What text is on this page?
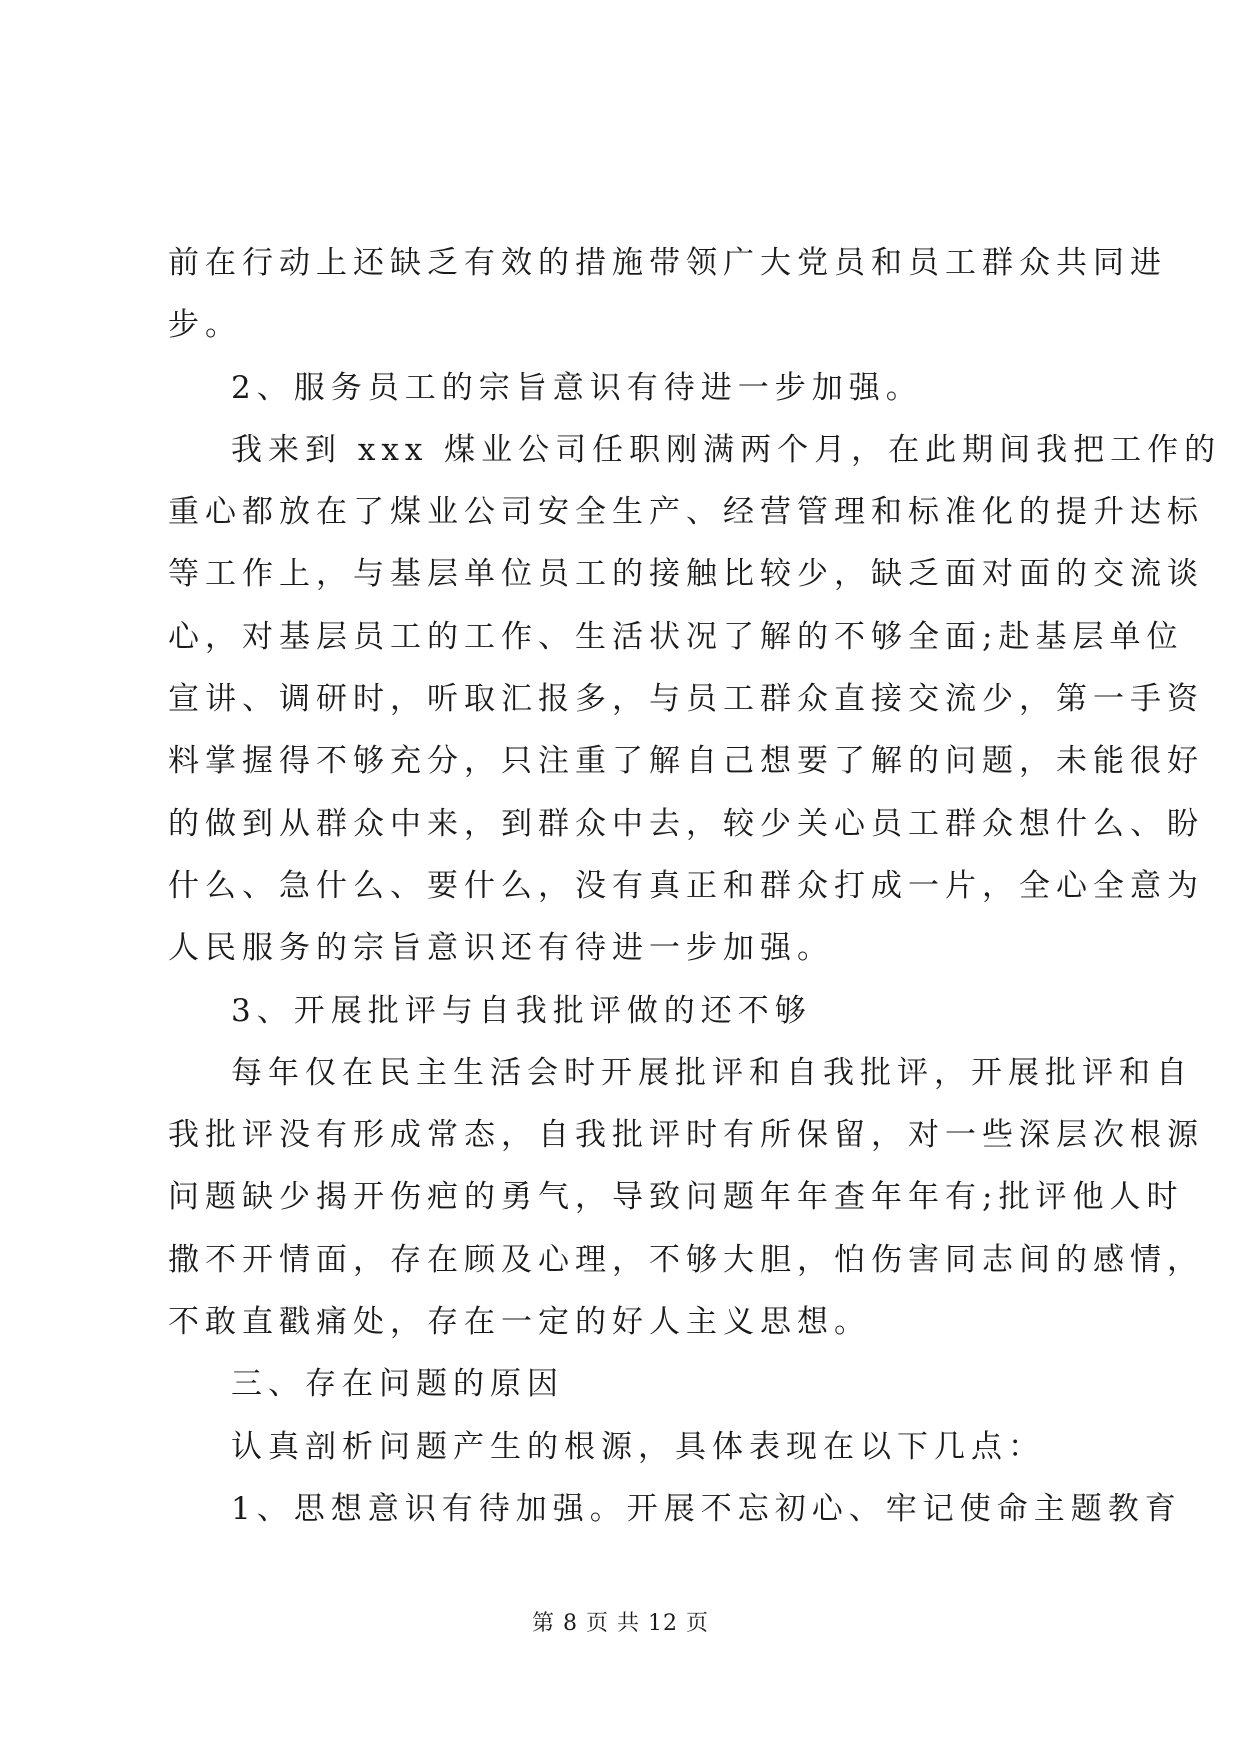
前在行动上还缺乏有效的措施带领广大党员和员工群众共同进
步。
2、服务员工的宗旨意识有待进一步加强。
我来到 xxx 煤业公司任职刚满两个月，在此期间我把工作的
重心都放在了煤业公司安全生产、经营管理和标准化的提升达标
等工作上，与基层单位员工的接触比较少，缺乏面对面的交流谈
心，对基层员工的工作、生活状况了解的不够全面;赴基层单位
宣讲、调研时，听取汇报多，与员工群众直接交流少，第一手资
料掌握得不够充分，只注重了解自己想要了解的问题，未能很好
的做到从群众中来，到群众中去，较少关心员工群众想什么、盼
什么、急什么、要什么，没有真正和群众打成一片，全心全意为
人民服务的宗旨意识还有待进一步加强。
3、开展批评与自我批评做的还不够
每年仅在民主生活会时开展批评和自我批评，开展批评和自
我批评没有形成常态，自我批评时有所保留，对一些深层次根源
问题缺少揭开伤疤的勇气，导致问题年年查年年有;批评他人时
撒不开情面，存在顾及心理，不够大胆，怕伤害同志间的感情，
不敢直戳痛处，存在一定的好人主义思想。
三、存在问题的原因
认真剖析问题产生的根源，具体表现在以下几点：
1、思想意识有待加强。开展不忘初心、牢记使命主题教育
第 8 页 共 12 页
